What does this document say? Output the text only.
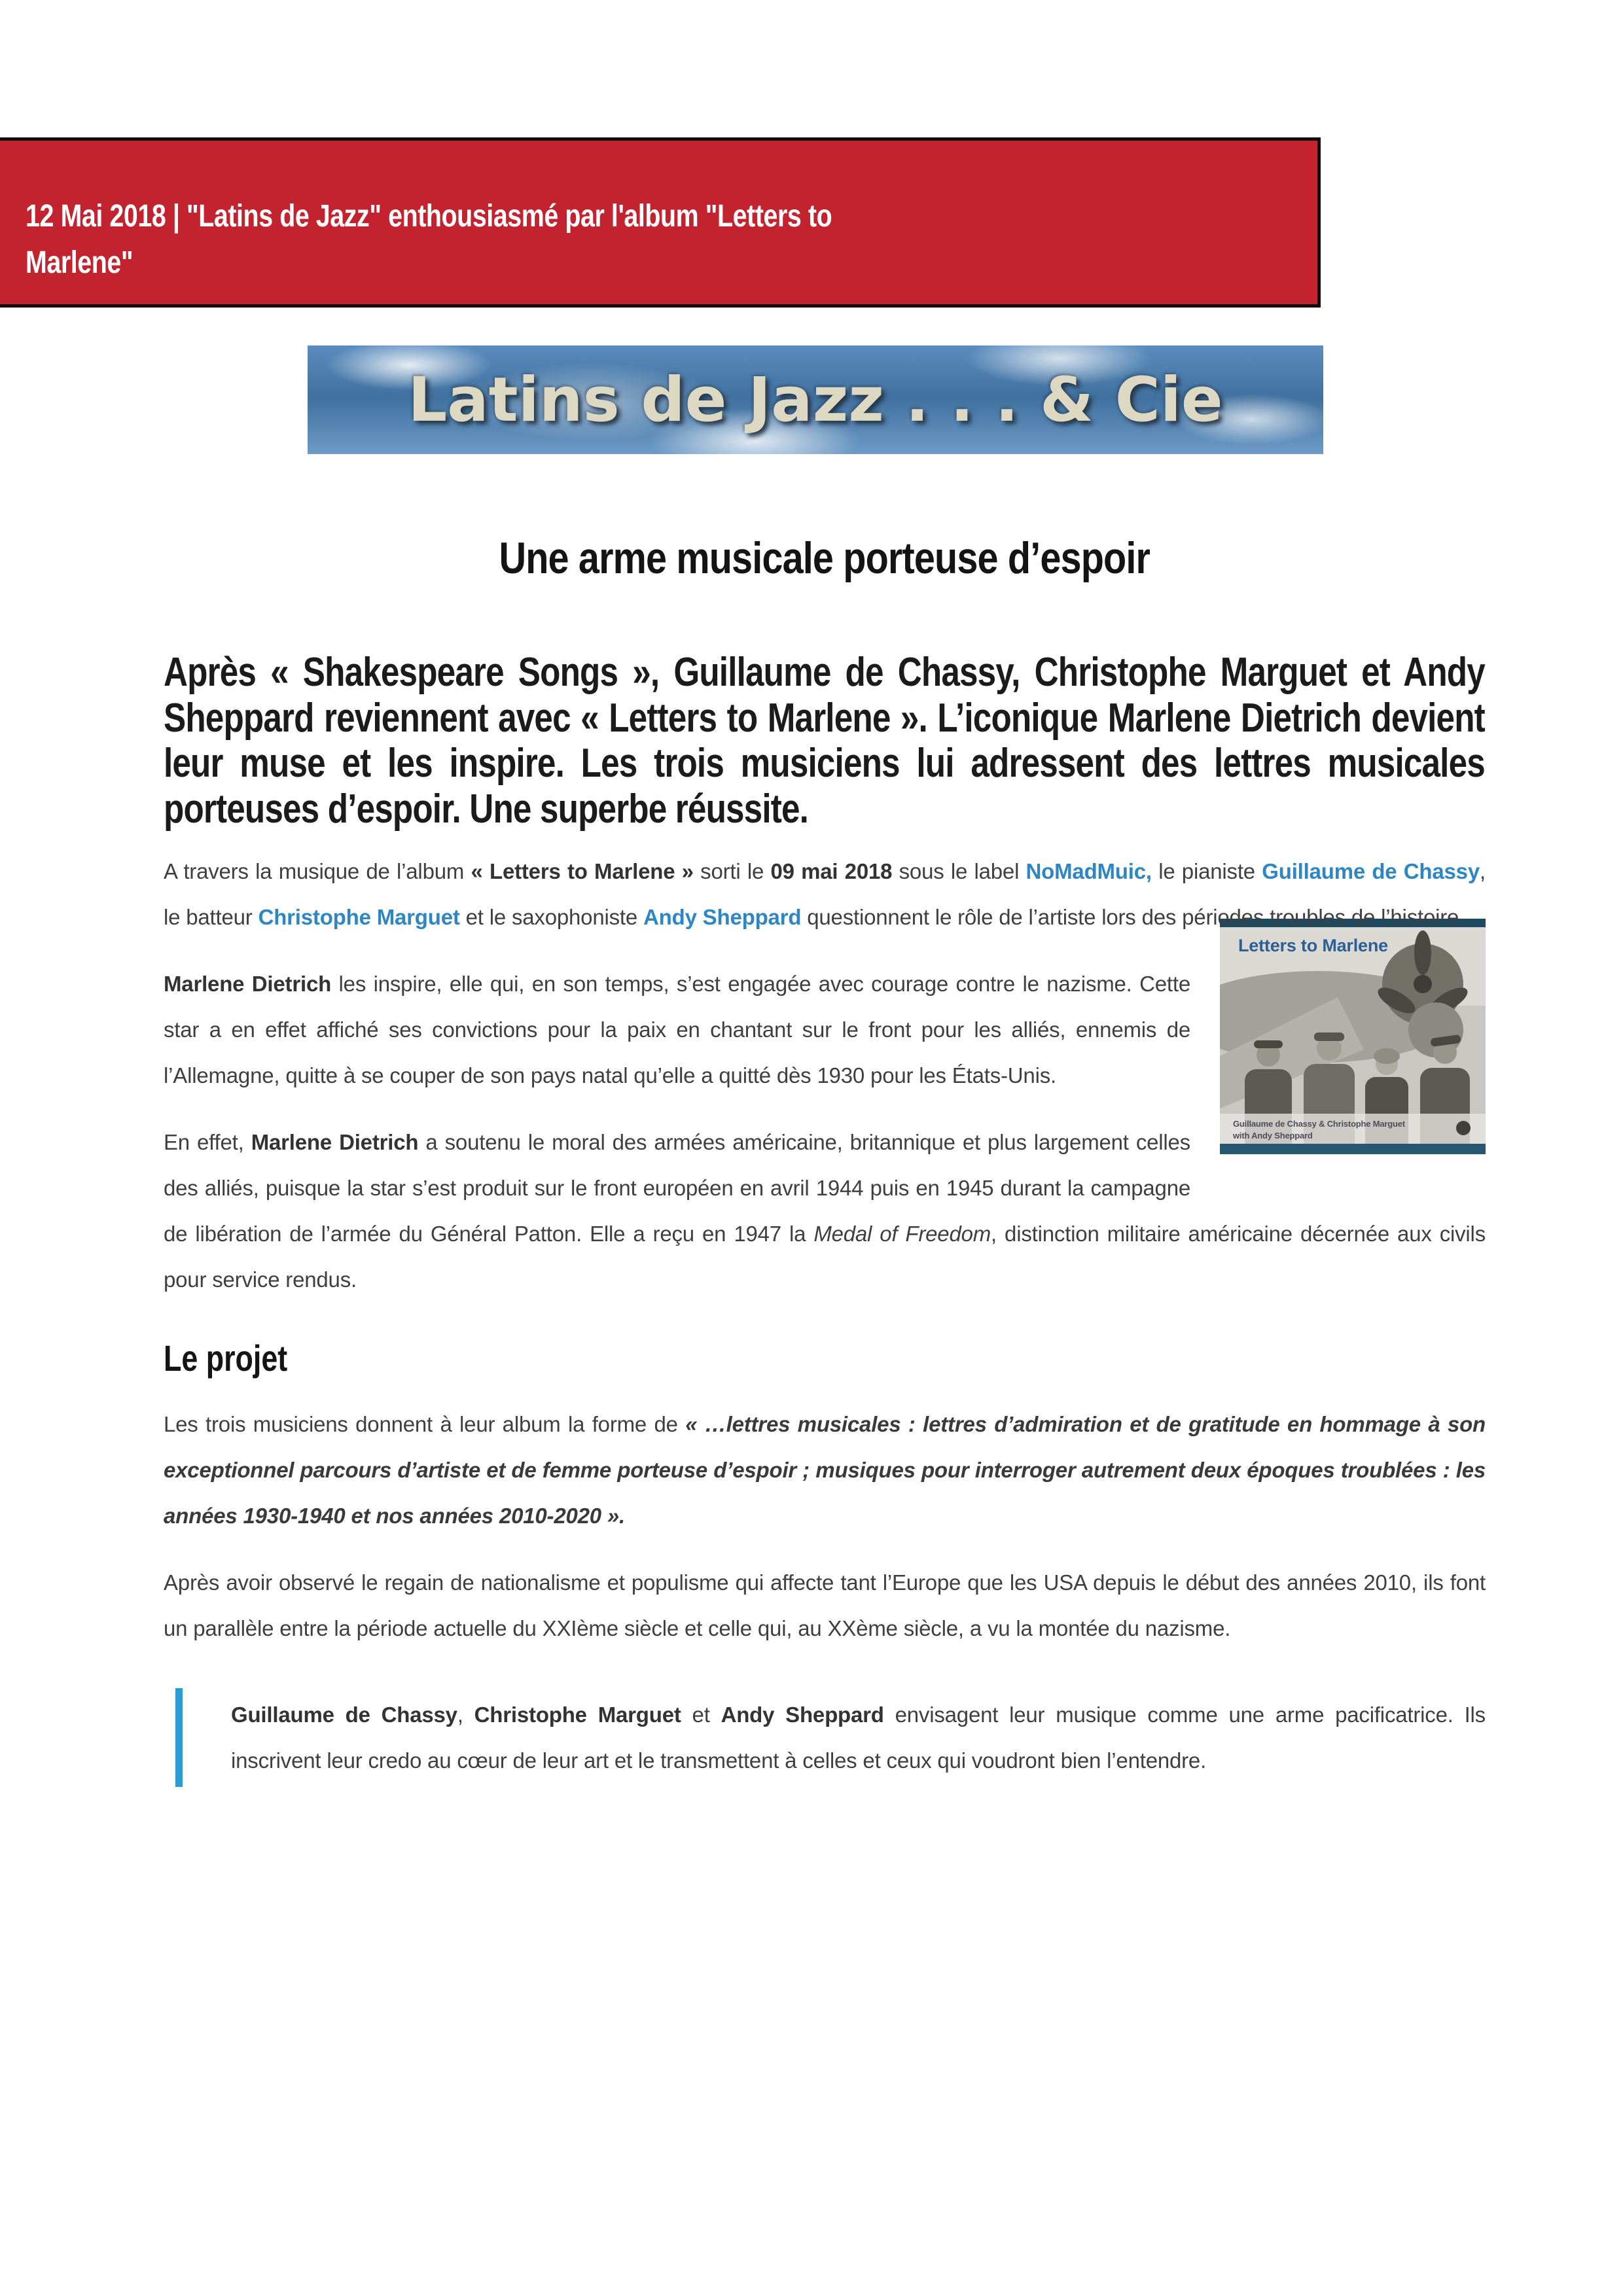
12 Mai 2018 | "Latins de Jazz" enthousiasmé par l'album "Letters to
Marlene"
Latins de Jazz . . . & Cie
Une arme musicale porteuse d’espoir

Après « Shakespeare Songs », Guillaume de Chassy, Christophe Marguet et Andy Sheppard reviennent avec « Letters to Marlene ». L’iconique Marlene Dietrich devient leur muse et les inspire. Les trois musiciens lui adressent des lettres musicales porteuses d’espoir. Une superbe réussite.

A travers la musique de l’album « Letters to Marlene » sorti le 09 mai 2018 sous le label NoMadMuic, le pianiste Guillaume de Chassy, le batteur Christophe Marguet et le saxophoniste Andy Sheppard questionnent le rôle de l’artiste lors des périodes troubles de l’histoire.

Guillaume de Chassy & Christophe Marguet
with Andy Sheppard
Letters to Marlene
Marlene Dietrich les inspire, elle qui, en son temps, s’est engagée avec courage contre le nazisme. Cette star a en effet affiché ses convictions pour la paix en chantant sur le front pour les alliés, ennemis de l’Allemagne, quitte à se couper de son pays natal qu’elle a quitté dès 1930 pour les États-Unis.

En effet, Marlene Dietrich a soutenu le moral des armées américaine, britannique et plus largement celles des alliés, puisque la star s’est produit sur le front européen en avril 1944 puis en 1945 durant la campagne de libération de l’armée du Général Patton. Elle a reçu en 1947 la Medal of Freedom, distinction militaire américaine décernée aux civils pour service rendus.

Le projet

Les trois musiciens donnent à leur album la forme de « …lettres musicales : lettres d’admiration et de gratitude en hommage à son exceptionnel parcours d’artiste et de femme porteuse d’espoir ; musiques pour interroger autrement deux époques troublées : les années 1930-1940 et nos années 2010-2020 ».

Après avoir observé le regain de nationalisme et populisme qui affecte tant l’Europe que les USA depuis le début des années 2010, ils font un parallèle entre la période actuelle du XXIème siècle et celle qui, au XXème siècle, a vu la montée du nazisme.

Guillaume de Chassy, Christophe Marguet et Andy Sheppard envisagent leur musique comme une arme pacificatrice. Ils inscrivent leur credo au cœur de leur art et le transmettent à celles et ceux qui voudront bien l’entendre.
